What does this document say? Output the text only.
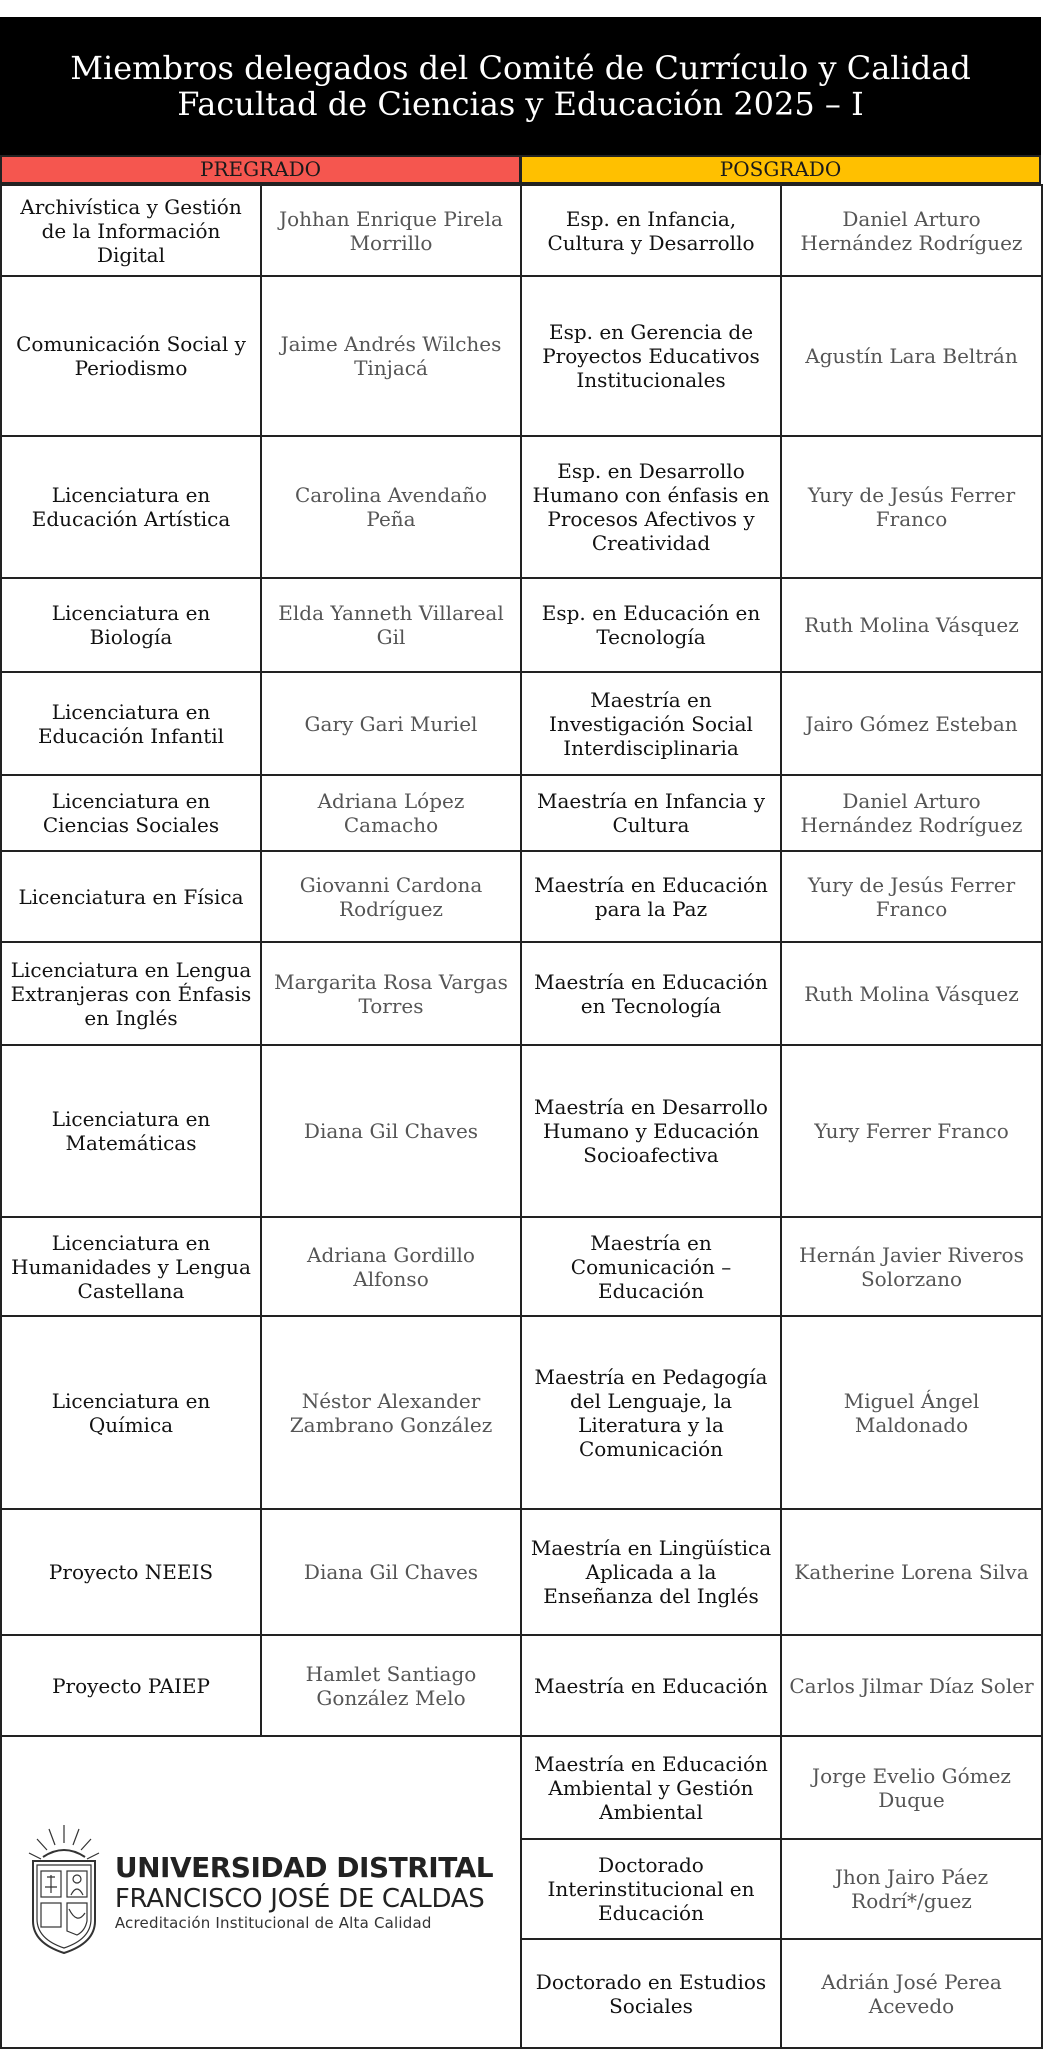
Miembros delegados del Comité de Currículo y Calidad
Facultad de Ciencias y Educación 2025 – I
PREGRADO	POSGRADO
Archivística y Gestión de la Información Digital	Johhan Enrique Pirela Morrillo	Esp. en Infancia, Cultura y Desarrollo	Daniel Arturo Hernández Rodríguez
Comunicación Social y Periodismo	Jaime Andrés Wilches Tinjacá	Esp. en Gerencia de Proyectos Educativos Institucionales	Agustín Lara Beltrán
Licenciatura en Educación Artística	Carolina Avendaño Peña	Esp. en Desarrollo Humano con énfasis en Procesos Afectivos y Creatividad	Yury de Jesús Ferrer Franco
Licenciatura en Biología	Elda Yanneth Villareal Gil	Esp. en Educación en Tecnología	Ruth Molina Vásquez
Licenciatura en Educación Infantil	Gary Gari Muriel	Maestría en Investigación Social Interdisciplinaria	Jairo Gómez Esteban
Licenciatura en Ciencias Sociales	Adriana López Camacho	Maestría en Infancia y Cultura	Daniel Arturo Hernández Rodríguez
Licenciatura en Física	Giovanni Cardona Rodríguez	Maestría en Educación para la Paz	Yury de Jesús Ferrer Franco
Licenciatura en Lengua Extranjeras con Énfasis en Inglés	Margarita Rosa Vargas Torres	Maestría en Educación en Tecnología	Ruth Molina Vásquez
Licenciatura en Matemáticas	Diana Gil Chaves	Maestría en Desarrollo Humano y Educación Socioafectiva	Yury Ferrer Franco
Licenciatura en Humanidades y Lengua Castellana	Adriana Gordillo Alfonso	Maestría en Comunicación – Educación	Hernán Javier Riveros Solorzano
Licenciatura en Química	Néstor Alexander Zambrano González	Maestría en Pedagogía del Lenguaje, la Literatura y la Comunicación	Miguel Ángel Maldonado
Proyecto NEEIS	Diana Gil Chaves	Maestría en Lingüística Aplicada a la Enseñanza del Inglés	Katherine Lorena Silva
Proyecto PAIEP	Hamlet Santiago González Melo	Maestría en Educación	Carlos Jilmar Díaz Soler

UNIVERSIDAD DISTRITAL
FRANCISCO JOSÉ DE CALDAS
Acreditación Institucional de Alta Calidad		Maestría en Educación Ambiental y Gestión Ambiental	Jorge Evelio Gómez Duque
		Doctorado Interinstitucional en Educación	Jhon Jairo Páez Rodrí*/guez
		Doctorado en Estudios Sociales	Adrián José Perea Acevedo
